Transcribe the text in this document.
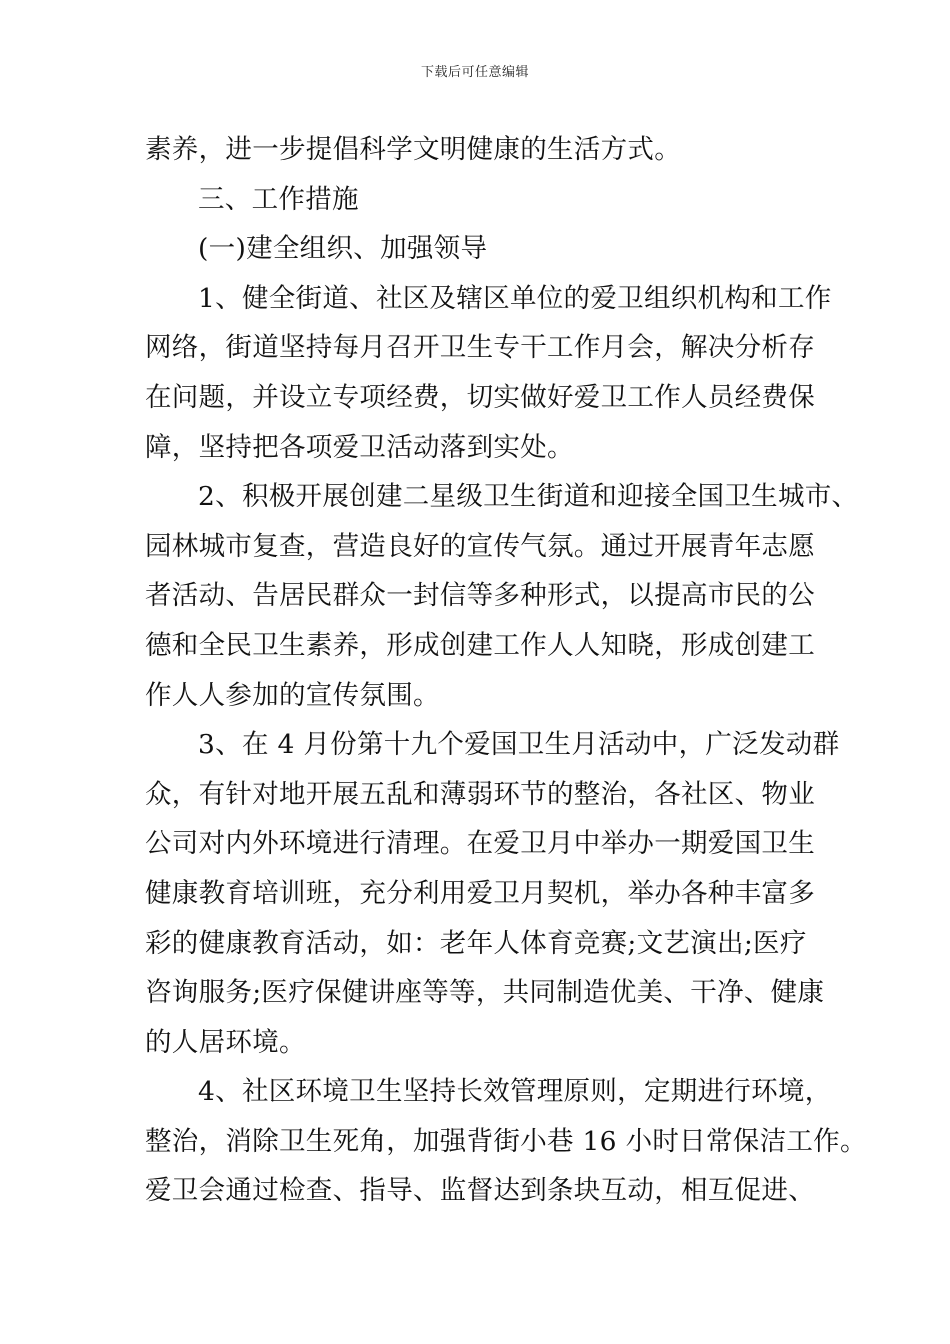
下载后可任意编辑
素养，进一步提倡科学文明健康的生活方式。
三、工作措施
(一)建全组织、加强领导
1、健全街道、社区及辖区单位的爱卫组织机构和工作
网络，街道坚持每月召开卫生专干工作月会，解决分析存
在问题，并设立专项经费，切实做好爱卫工作人员经费保
障，坚持把各项爱卫活动落到实处。
2、积极开展创建二星级卫生街道和迎接全国卫生城市、
园林城市复查，营造良好的宣传气氛。通过开展青年志愿
者活动、告居民群众一封信等多种形式，以提高市民的公
德和全民卫生素养，形成创建工作人人知晓，形成创建工
作人人参加的宣传氛围。
3、在 4 月份第十九个爱国卫生月活动中，广泛发动群
众，有针对地开展五乱和薄弱环节的整治，各社区、物业
公司对内外环境进行清理。在爱卫月中举办一期爱国卫生
健康教育培训班，充分利用爱卫月契机，举办各种丰富多
彩的健康教育活动，如：老年人体育竞赛;文艺演出;医疗
咨询服务;医疗保健讲座等等，共同制造优美、干净、健康
的人居环境。
4、社区环境卫生坚持长效管理原则，定期进行环境，
整治，消除卫生死角，加强背街小巷 16 小时日常保洁工作。
爱卫会通过检查、指导、监督达到条块互动，相互促进、
